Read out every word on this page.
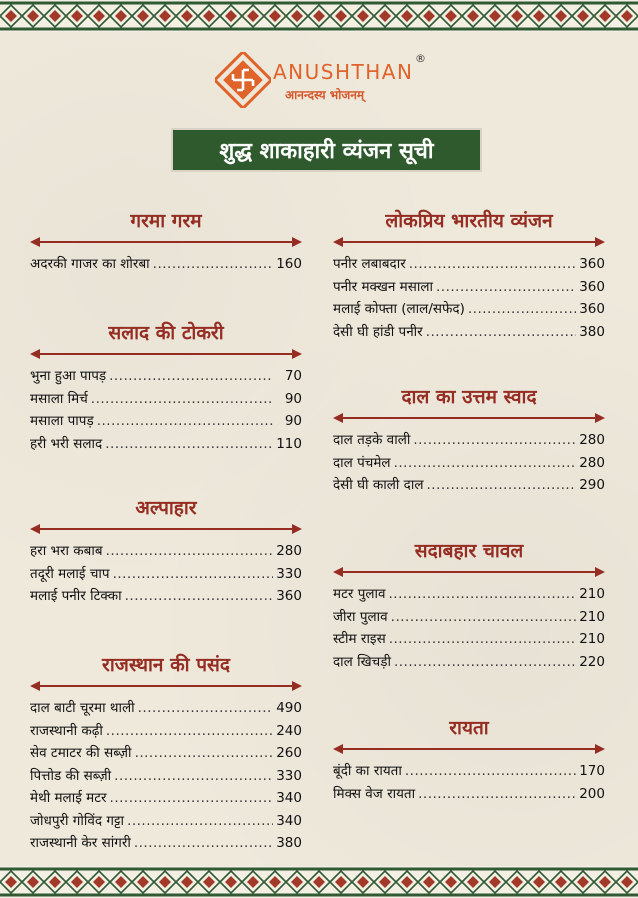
ANUSHTHAN
®
आनन्दस्य भोजनम्
शुद्ध शाकाहारी व्यंजन सूची
गरमा गरम
अदरकी गाजर का शोरबा .....	160
सलाद की टोकरी
भुना हुआ पापड़ .....	70
मसाला मिर्च .....	90
मसाला पापड़ .....	90
हरी भरी सलाद .....	110
अल्पाहार
हरा भरा कबाब .....	280
तदूरी मलाई चाप .....	330
मलाई पनीर टिक्का .....	360
राजस्थान की पसंद
दाल बाटी चूरमा थाली .....	490
राजस्थानी कढ़ी .....	240
सेव टमाटर की सब्ज़ी .....	260
पित्तोड की सब्ज़ी .....	330
मेथी मलाई मटर .....	340
जोधपुरी गोविंद गट्टा .....	340
राजस्थानी केर सांगरी .....	380
लोकप्रिय भारतीय व्यंजन
पनीर लबाबदार .....	360
पनीर मक्खन मसाला .....	360
मलाई कोफ्ता (लाल/सफेद) .....	360
देसी घी हांडी पनीर .....	380
दाल का उत्तम स्वाद
दाल तड़के वाली .....	280
दाल पंचमेल .....	280
देसी घी काली दाल .....	290
सदाबहार चावल
मटर पुलाव .....	210
जीरा पुलाव .....	210
स्टीम राइस .....	210
दाल खिचड़ी .....	220
रायता
बूंदी का रायता .....	170
मिक्स वेज रायता .....	200
